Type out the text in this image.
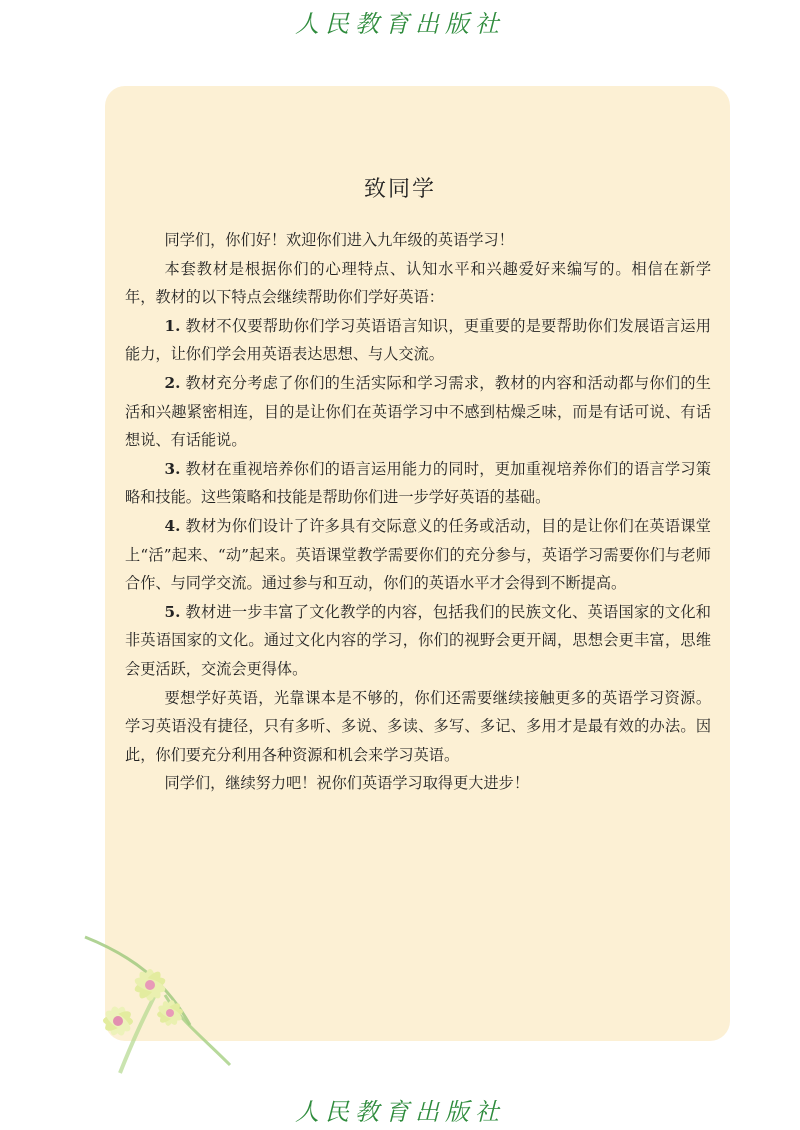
人民教育出版社
致同学

同学们，你们好！欢迎你们进入九年级的英语学习！

本套教材是根据你们的心理特点、认知水平和兴趣爱好来编写的。相信在新学年，教材的以下特点会继续帮助你们学好英语：

1. 教材不仅要帮助你们学习英语语言知识，更重要的是要帮助你们发展语言运用能力，让你们学会用英语表达思想、与人交流。

2. 教材充分考虑了你们的生活实际和学习需求，教材的内容和活动都与你们的生活和兴趣紧密相连，目的是让你们在英语学习中不感到枯燥乏味，而是有话可说、有话想说、有话能说。

3. 教材在重视培养你们的语言运用能力的同时，更加重视培养你们的语言学习策略和技能。这些策略和技能是帮助你们进一步学好英语的基础。

4. 教材为你们设计了许多具有交际意义的任务或活动，目的是让你们在英语课堂上“活”起来、“动”起来。英语课堂教学需要你们的充分参与，英语学习需要你们与老师合作、与同学交流。通过参与和互动，你们的英语水平才会得到不断提高。

5. 教材进一步丰富了文化教学的内容，包括我们的民族文化、英语国家的文化和非英语国家的文化。通过文化内容的学习，你们的视野会更开阔，思想会更丰富，思维会更活跃，交流会更得体。

要想学好英语，光靠课本是不够的，你们还需要继续接触更多的英语学习资源。学习英语没有捷径，只有多听、多说、多读、多写、多记、多用才是最有效的办法。因此，你们要充分利用各种资源和机会来学习英语。

同学们，继续努力吧！祝你们英语学习取得更大进步！

人民教育出版社
